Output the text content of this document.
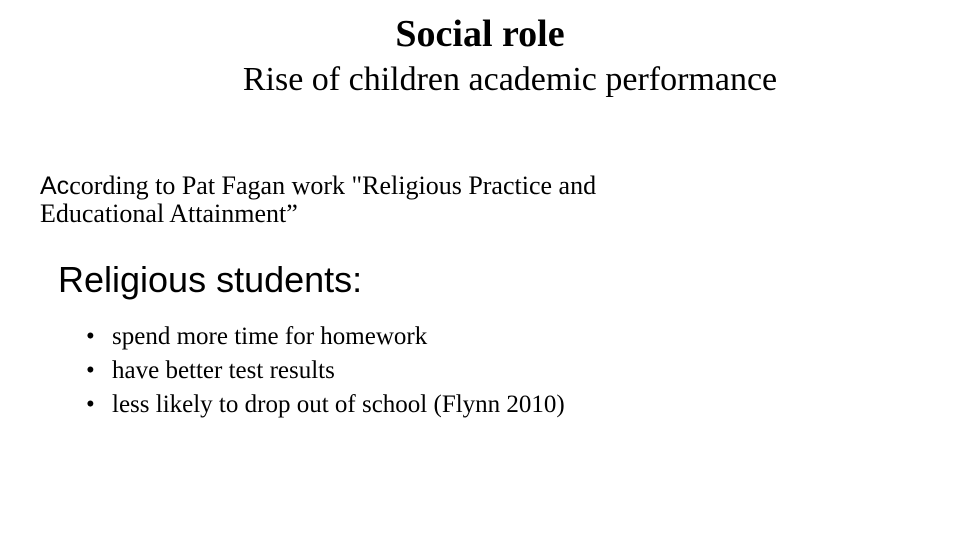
Social role
Rise of children academic performance
According to Pat Fagan work "Religious Practice and
Educational Attainment”
Religious students:
• spend more time for homework
• have better test results
• less likely to drop out of school (Flynn 2010)
